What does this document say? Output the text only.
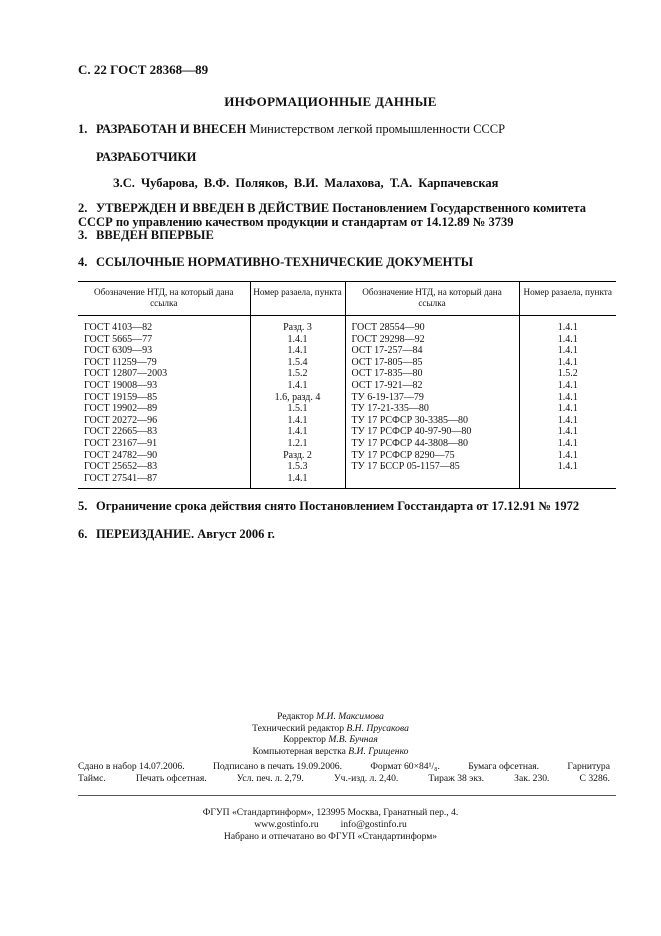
С. 22 ГОСТ 28368—89
ИНФОРМАЦИОННЫЕ ДАННЫЕ
1. РАЗРАБОТАН И ВНЕСЕН Министерством легкой промышленности СССР
РАЗРАБОТЧИКИ
З.С. Чубарова, В.Ф. Поляков, В.И. Малахова, Т.А. Карпачевская
2. УТВЕРЖДЕН И ВВЕДЕН В ДЕЙСТВИЕ Постановлением Государственного комитета СССР по управлению качеством продукции и стандартам от 14.12.89 № 3739
3. ВВЕДЕН ВПЕРВЫЕ
4. ССЫЛОЧНЫЕ НОРМАТИВНО-ТЕХНИЧЕСКИЕ ДОКУМЕНТЫ
Обозначение НТД, на который дана ссылка	Номер разаела, пункта	Обозначение НТД, на который дана ссылка	Номер разаела, пункта
ГОСТ 4103—82	Разд. 3	ГОСТ 28554—90	1.4.1
ГОСТ 5665—77	1.4.1	ГОСТ 29298—92	1.4.1
ГОСТ 6309—93	1.4.1	ОСТ 17-257—84	1.4.1
ГОСТ 11259—79	1.5.4	ОСТ 17-805—85	1.4.1
ГОСТ 12807—2003	1.5.2	ОСТ 17-835—80	1.5.2
ГОСТ 19008—93	1.4.1	ОСТ 17-921—82	1.4.1
ГОСТ 19159—85	1.6, разд. 4	ТУ 6-19-137—79	1.4.1
ГОСТ 19902—89	1.5.1	ТУ 17-21-335—80	1.4.1
ГОСТ 20272—96	1.4.1	ТУ 17 РСФСР 30-3385—80	1.4.1
ГОСТ 22665—83	1.4.1	ТУ 17 РСФСР 40-97-90—80	1.4.1
ГОСТ 23167—91	1.2.1	ТУ 17 РСФСР 44-3808—80	1.4.1
ГОСТ 24782—90	Разд. 2	ТУ 17 РСФСР 8290—75	1.4.1
ГОСТ 25652—83	1.5.3	ТУ 17 БССР 05-1157—85	1.4.1
ГОСТ 27541—87	1.4.1		
5. Ограничение срока действия снято Постановлением Госстандарта от 17.12.91 № 1972
6. ПЕРЕИЗДАНИЕ. Август 2006 г.
Редактор М.И. Максимова
Технический редактор В.Н. Прусакова
Корректор М.В. Бучная
Компьютерная верстка В.И. Грищенко
Сдано в набор 14.07.2006.	Подписано в печать 19.09.2006.	Формат 60×84¹/₈.	Бумага офсетная.	Гарнитура
Таймс.	Печать офсетная.	Усл. печ. л. 2,79.	Уч.-изд. л. 2,40.	Тираж 38 экз.	Зак. 230.	С 3286.
ФГУП «Стандартинформ», 123995 Москва, Гранатный пер., 4.
www.gostinfo.ru info@gostinfo.ru
Набрано и отпечатано во ФГУП «Стандартинформ»
